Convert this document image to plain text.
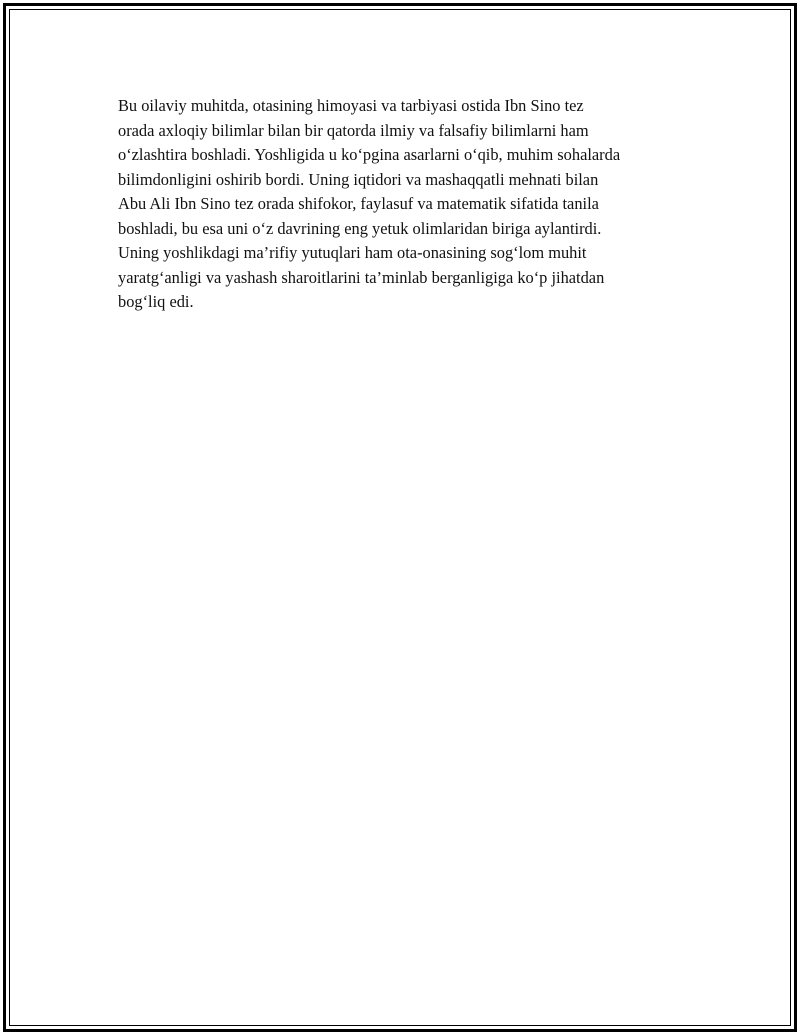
Bu oilaviy muhitda, otasining himoyasi va tarbiyasi ostida Ibn Sino tez
orada axloqiy bilimlar bilan bir qatorda ilmiy va falsafiy bilimlarni ham
o‘zlashtira boshladi. Yoshligida u ko‘pgina asarlarni o‘qib, muhim sohalarda
bilimdonligini oshirib bordi. Uning iqtidori va mashaqqatli mehnati bilan
Abu Ali Ibn Sino tez orada shifokor, faylasuf va matematik sifatida tanila
boshladi, bu esa uni o‘z davrining eng yetuk olimlaridan biriga aylantirdi.
Uning yoshlikdagi ma’rifiy yutuqlari ham ota-onasining sog‘lom muhit
yaratg‘anligi va yashash sharoitlarini ta’minlab berganligiga ko‘p jihatdan
bog‘liq edi.
